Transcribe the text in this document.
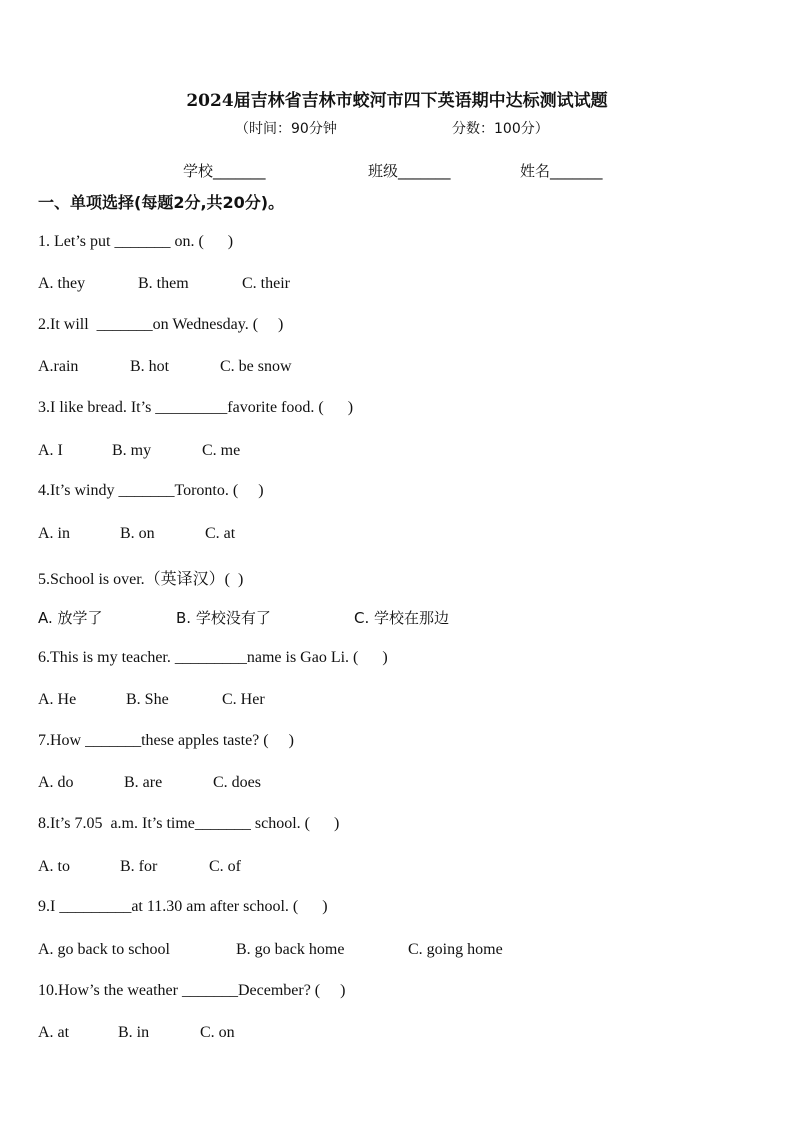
2024届吉林省吉林市蛟河市四下英语期中达标测试试题
（时间：90分钟	分数：100分）
学校_______	班级_______	姓名_______
一、单项选择(每题2分,共20分)。
1. Let’s put _______ on. (      )
A. they	B. them	C. their
2.It will  _______on Wednesday. (     )
A.rain	B. hot	C. be snow
3.I like bread. It’s _________favorite food. (      )
A. I	B. my	C. me
4.It’s windy _______Toronto. (     )
A. in	B. on	C. at
5.School is over.（英译汉）(  )
A. 放学了	B. 学校没有了	C. 学校在那边
6.This is my teacher. _________name is Gao Li. (      )
A. He	B. She	C. Her
7.How _______these apples taste? (     )
A. do	B. are	C. does
8.It’s 7.05  a.m. It’s time_______ school. (      )
A. to	B. for	C. of
9.I _________at 11.30 am after school. (      )
A. go back to school	B. go back home	C. going home
10.How’s the weather _______December? (     )
A. at	B. in	C. on
